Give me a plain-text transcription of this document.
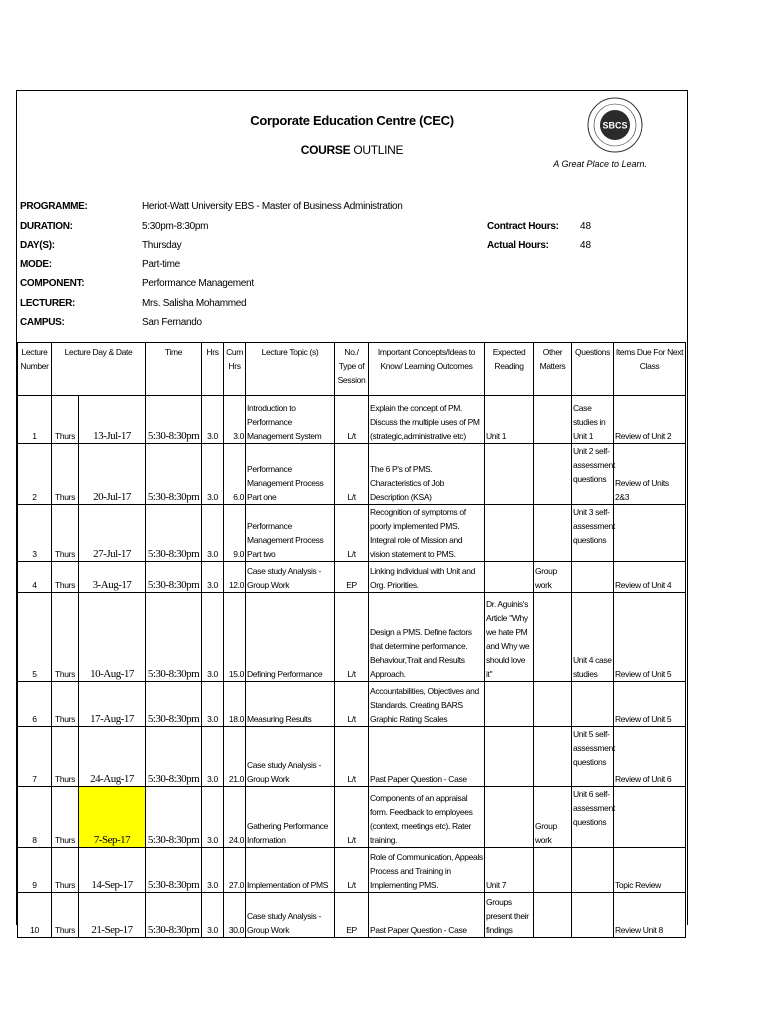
Corporate Education Centre (CEC)
COURSE OUTLINE
SBCS
A Great Place to Learn.
PROGRAMME:	Heriot-Watt University EBS - Master of Business Administration
DURATION:	5:30pm-8:30pm
DAY(S):	Thursday
MODE:	Part-time
COMPONENT:	Performance Management
LECTURER:	Mrs. Salisha Mohammed
CAMPUS:	San Fernando
Contract Hours: 48
Actual Hours:	48
Lecture Number	Lecture Day & Date		Time	Hrs	Cum Hrs	Lecture Topic (s)	No./ Type of Session	Important Concepts/Ideas to Know/ Learning Outcomes	Expected Reading	Other Matters	Questions	Items Due For Next Class
1	Thurs	13-Jul-17	5:30-8:30pm	3.0	3.0	Introduction to Performance Management System	L/t	Explain the concept of PM. Discuss the multiple uses of PM (strategic,administrative etc)	Unit 1		Case studies in Unit 1	Review of Unit 2
2	Thurs	20-Jul-17	5:30-8:30pm	3.0	6.0	Performance Management Process Part one	L/t	The 6 P's of PMS. Characteristics of Job Description (KSA)			Unit 2 self-assessment questions	Review of Units 2&3
3	Thurs	27-Jul-17	5:30-8:30pm	3.0	9.0	Performance Management Process Part two	L/t	Recognition of symptoms of poorly implemented PMS. Integral role of Mission and vision statement to PMS.			Unit 3 self-assessment questions	
4	Thurs	3-Aug-17	5:30-8:30pm	3.0	12.0	Case study Analysis - Group Work	EP	Linking individual with Unit and Org. Priorities.		Group work		Review of Unit 4
5	Thurs	10-Aug-17	5:30-8:30pm	3.0	15.0	Defining Performance	L/t	Design a PMS. Define factors that determine performance. Behaviour,Trait and Results Approach.	Dr. Aguinis's Article "Why we hate PM and Why we should love it"		Unit 4 case studies	Review of Unit 5
6	Thurs	17-Aug-17	5:30-8:30pm	3.0	18.0	Measuring Results	L/t	Accountabilities, Objectives and Standards. Creating BARS Graphic Rating Scales				Review of Unit 5
7	Thurs	24-Aug-17	5:30-8:30pm	3.0	21.0	Case study Analysis - Group Work	L/t	Past Paper Question - Case			Unit 5 self-assessment questions	Review of Unit 6
8	Thurs	7-Sep-17	5:30-8:30pm	3.0	24.0	Gathering Performance Information	L/t	Components of an appraisal form. Feedback to employees (context, meetings etc). Rater training.		Group work	Unit 6 self-assessment questions	
9	Thurs	14-Sep-17	5:30-8:30pm	3.0	27.0	Implementation of PMS	L/t	Role of Communication, Appeals Process and Training in Implementing PMS.	Unit 7			Topic Review
10	Thurs	21-Sep-17	5:30-8:30pm	3.0	30.0	Case study Analysis - Group Work	EP	Past Paper Question - Case	Groups present their findings			Review Unit 8
